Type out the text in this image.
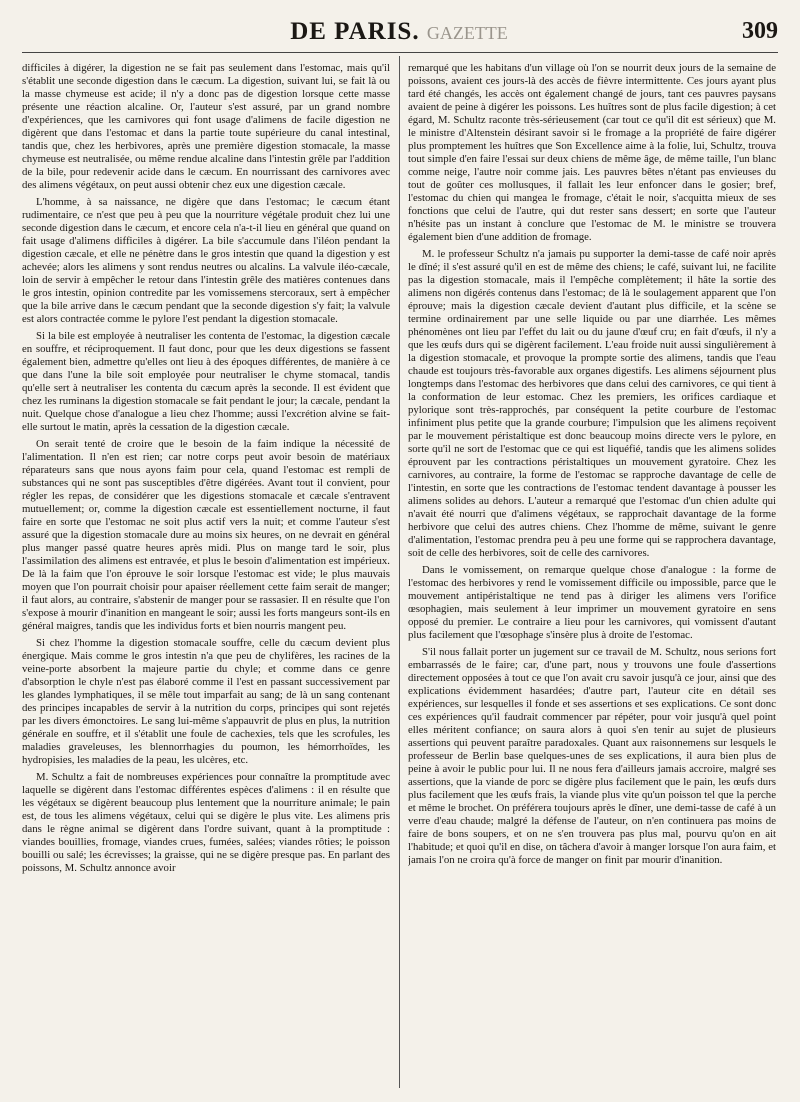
DE PARIS. GAZETTE	309

difficiles à digérer, la digestion ne se fait pas seulement dans l'estomac, mais qu'il s'établit une seconde digestion dans le cæcum. La digestion, suivant lui, se fait là ou la masse chymeuse est acide; il n'y a donc pas de digestion lorsque cette masse présente une réaction alcaline. Or, l'auteur s'est assuré, par un grand nombre d'expériences, que les carnivores qui font usage d'alimens de facile digestion ne digèrent que dans l'estomac et dans la partie toute supérieure du canal intestinal, tandis que, chez les herbivores, après une première digestion stomacale, la masse chymeuse est neutralisée, ou même rendue alcaline dans l'intestin grêle par l'addition de la bile, pour redevenir acide dans le cæcum. En nourrissant des carnivores avec des alimens végétaux, on peut aussi obtenir chez eux une digestion cæcale.

L'homme, à sa naissance, ne digère que dans l'estomac; le cæcum étant rudimentaire, ce n'est que peu à peu que la nourriture végétale produit chez lui une seconde digestion dans le cæcum, et encore cela n'a-t-il lieu en général que quand on fait usage d'alimens difficiles à digérer. La bile s'accumule dans l'iléon pendant la digestion cæcale, et elle ne pénètre dans le gros intestin que quand la digestion y est achevée; alors les alimens y sont rendus neutres ou alcalins. La valvule iléo-cæcale, loin de servir à empêcher le retour dans l'intestin grêle des matières contenues dans le gros intestin, opinion contredite par les vomissemens stercoraux, sert à empêcher que la bile arrive dans le cæcum pendant que la seconde digestion s'y fait; la valvule est alors contractée comme le pylore l'est pendant la digestion stomacale.

Si la bile est employée à neutraliser les contenta de l'estomac, la digestion cæcale en souffre, et réciproquement. Il faut donc, pour que les deux digestions se fassent également bien, admettre qu'elles ont lieu à des époques différentes, de manière à ce que dans l'une la bile soit employée pour neutraliser le chyme stomacal, tandis qu'elle sert à neutraliser les contenta du cæcum après la seconde. Il est évident que chez les ruminans la digestion stomacale se fait pendant le jour; la cæcale, pendant la nuit. Quelque chose d'analogue a lieu chez l'homme; aussi l'excrétion alvine se fait-elle surtout le matin, après la cessation de la digestion cæcale.

On serait tenté de croire que le besoin de la faim indique la nécessité de l'alimentation. Il n'en est rien; car notre corps peut avoir besoin de matériaux réparateurs sans que nous ayons faim pour cela, quand l'estomac est rempli de substances qui ne sont pas susceptibles d'être digérées. Avant tout il convient, pour régler les repas, de considérer que les digestions stomacale et cæcale s'entravent mutuellement; or, comme la digestion cæcale est essentiellement nocturne, il faut faire en sorte que l'estomac ne soit plus actif vers la nuit; et comme l'auteur s'est assuré que la digestion stomacale dure au moins six heures, on ne devrait en général plus manger passé quatre heures après midi. Plus on mange tard le soir, plus l'assimilation des alimens est entravée, et plus le besoin d'alimentation est impérieux. De là la faim que l'on éprouve le soir lorsque l'estomac est vide; le plus mauvais moyen que l'on pourrait choisir pour apaiser réellement cette faim serait de manger; il faut alors, au contraire, s'abstenir de manger pour se rassasier. Il en résulte que l'on s'expose à mourir d'inanition en mangeant le soir; aussi les forts mangeurs sont-ils en général maigres, tandis que les individus forts et bien nourris mangent peu.

Si chez l'homme la digestion stomacale souffre, celle du cæcum devient plus énergique. Mais comme le gros intestin n'a que peu de chylifères, les racines de la veine-porte absorbent la majeure partie du chyle; et comme dans ce genre d'absorption le chyle n'est pas élaboré comme il l'est en passant successivement par les glandes lymphatiques, il se mêle tout imparfait au sang; de là un sang contenant des principes incapables de servir à la nutrition du corps, principes qui sont rejetés par les divers émonctoires. Le sang lui-même s'appauvrit de plus en plus, la nutrition générale en souffre, et il s'établit une foule de cachexies, tels que les scrofules, les maladies graveleuses, les blennorrhagies du poumon, les hémorrhoïdes, les hydropisies, les maladies de la peau, les ulcères, etc.

M. Schultz a fait de nombreuses expériences pour connaître la promptitude avec laquelle se digèrent dans l'estomac différentes espèces d'alimens : il en résulte que les végétaux se digèrent beaucoup plus lentement que la nourriture animale; le pain est, de tous les alimens végétaux, celui qui se digère le plus vite. Les alimens pris dans le règne animal se digèrent dans l'ordre suivant, quant à la promptitude : viandes bouillies, fromage, viandes crues, fumées, salées; viandes rôties; le poisson bouilli ou salé; les écrevisses; la graisse, qui ne se digère presque pas. En parlant des poissons, M. Schultz annonce avoir

remarqué que les habitans d'un village où l'on se nourrit deux jours de la semaine de poissons, avaient ces jours-là des accès de fièvre intermittente. Ces jours ayant plus tard été changés, les accès ont également changé de jours, tant ces pauvres paysans avaient de peine à digérer les poissons. Les huîtres sont de plus facile digestion; à cet égard, M. Schultz raconte très-sérieusement (car tout ce qu'il dit est sérieux) que M. le ministre d'Altenstein désirant savoir si le fromage a la propriété de faire digérer plus promptement les huîtres que Son Excellence aime à la folie, lui, Schultz, trouva tout simple d'en faire l'essai sur deux chiens de même âge, de même taille, l'un blanc comme neige, l'autre noir comme jais. Les pauvres bêtes n'étant pas envieuses du tout de goûter ces mollusques, il fallait les leur enfoncer dans le gosier; bref, l'estomac du chien qui mangea le fromage, c'était le noir, s'acquitta mieux de ses fonctions que celui de l'autre, qui dut rester sans dessert; en sorte que l'auteur n'hésite pas un instant à conclure que l'estomac de M. le ministre se trouvera également bien d'une addition de fromage.

M. le professeur Schultz n'a jamais pu supporter la demi-tasse de café noir après le dîné; il s'est assuré qu'il en est de même des chiens; le café, suivant lui, ne facilite pas la digestion stomacale, mais il l'empêche complètement; il hâte la sortie des alimens non digérés contenus dans l'estomac; de là le soulagement apparent que l'on éprouve; mais la digestion cæcale devient d'autant plus difficile, et la scène se termine ordinairement par une selle liquide ou par une diarrhée. Les mêmes phénomènes ont lieu par l'effet du lait ou du jaune d'œuf cru; en fait d'œufs, il n'y a que les œufs durs qui se digèrent facilement. L'eau froide nuit aussi singulièrement à la digestion stomacale, et provoque la prompte sortie des alimens, tandis que l'eau chaude est toujours très-favorable aux organes digestifs. Les alimens séjournent plus longtemps dans l'estomac des herbivores que dans celui des carnivores, ce qui tient à la conformation de leur estomac. Chez les premiers, les orifices cardiaque et pylorique sont très-rapprochés, par conséquent la petite courbure de l'estomac infiniment plus petite que la grande courbure; l'impulsion que les alimens reçoivent par le mouvement péristaltique est donc beaucoup moins directe vers le pylore, en sorte qu'il ne sort de l'estomac que ce qui est liquéfié, tandis que les alimens solides éprouvent par les contractions péristaltiques un mouvement gyratoire. Chez les carnivores, au contraire, la forme de l'estomac se rapproche davantage de celle de l'intestin, en sorte que les contractions de l'estomac tendent davantage à pousser les alimens solides au dehors. L'auteur a remarqué que l'estomac d'un chien adulte qui n'avait été nourri que d'alimens végétaux, se rapprochait davantage de la forme herbivore que celui des autres chiens. Chez l'homme de même, suivant le genre d'alimentation, l'estomac prendra peu à peu une forme qui se rapprochera davantage, soit de celle des herbivores, soit de celle des carnivores.

Dans le vomissement, on remarque quelque chose d'analogue : la forme de l'estomac des herbivores y rend le vomissement difficile ou impossible, parce que le mouvement antipéristaltique ne tend pas à diriger les alimens vers l'orifice œsophagien, mais seulement à leur imprimer un mouvement gyratoire en sens opposé du premier. Le contraire a lieu pour les carnivores, qui vomissent d'autant plus facilement que l'œsophage s'insère plus à droite de l'estomac.

S'il nous fallait porter un jugement sur ce travail de M. Schultz, nous serions fort embarrassés de le faire; car, d'une part, nous y trouvons une foule d'assertions directement opposées à tout ce que l'on avait cru savoir jusqu'à ce jour, ainsi que des explications évidemment hasardées; d'autre part, l'auteur cite en détail ses expériences, sur lesquelles il fonde et ses assertions et ses explications. Ce sont donc ces expériences qu'il faudrait commencer par répéter, pour voir jusqu'à quel point elles méritent confiance; on saura alors à quoi s'en tenir au sujet de plusieurs assertions qui peuvent paraître paradoxales. Quant aux raisonnemens sur lesquels le professeur de Berlin base quelques-unes de ses explications, il aura bien plus de peine à avoir le public pour lui. Il ne nous fera d'ailleurs jamais accroire, malgré ses assertions, que la viande de porc se digère plus facilement que le pain, les œufs durs plus facilement que les œufs frais, la viande plus vite qu'un poisson tel que la perche et même le brochet. On préférera toujours après le dîner, une demi-tasse de café à un verre d'eau chaude; malgré la défense de l'auteur, on n'en continuera pas moins de faire de bons soupers, et on ne s'en trouvera pas plus mal, pourvu qu'on en ait l'habitude; et quoi qu'il en dise, on tâchera d'avoir à manger lorsque l'on aura faim, et jamais l'on ne croira qu'à force de manger on finit par mourir d'inanition.
